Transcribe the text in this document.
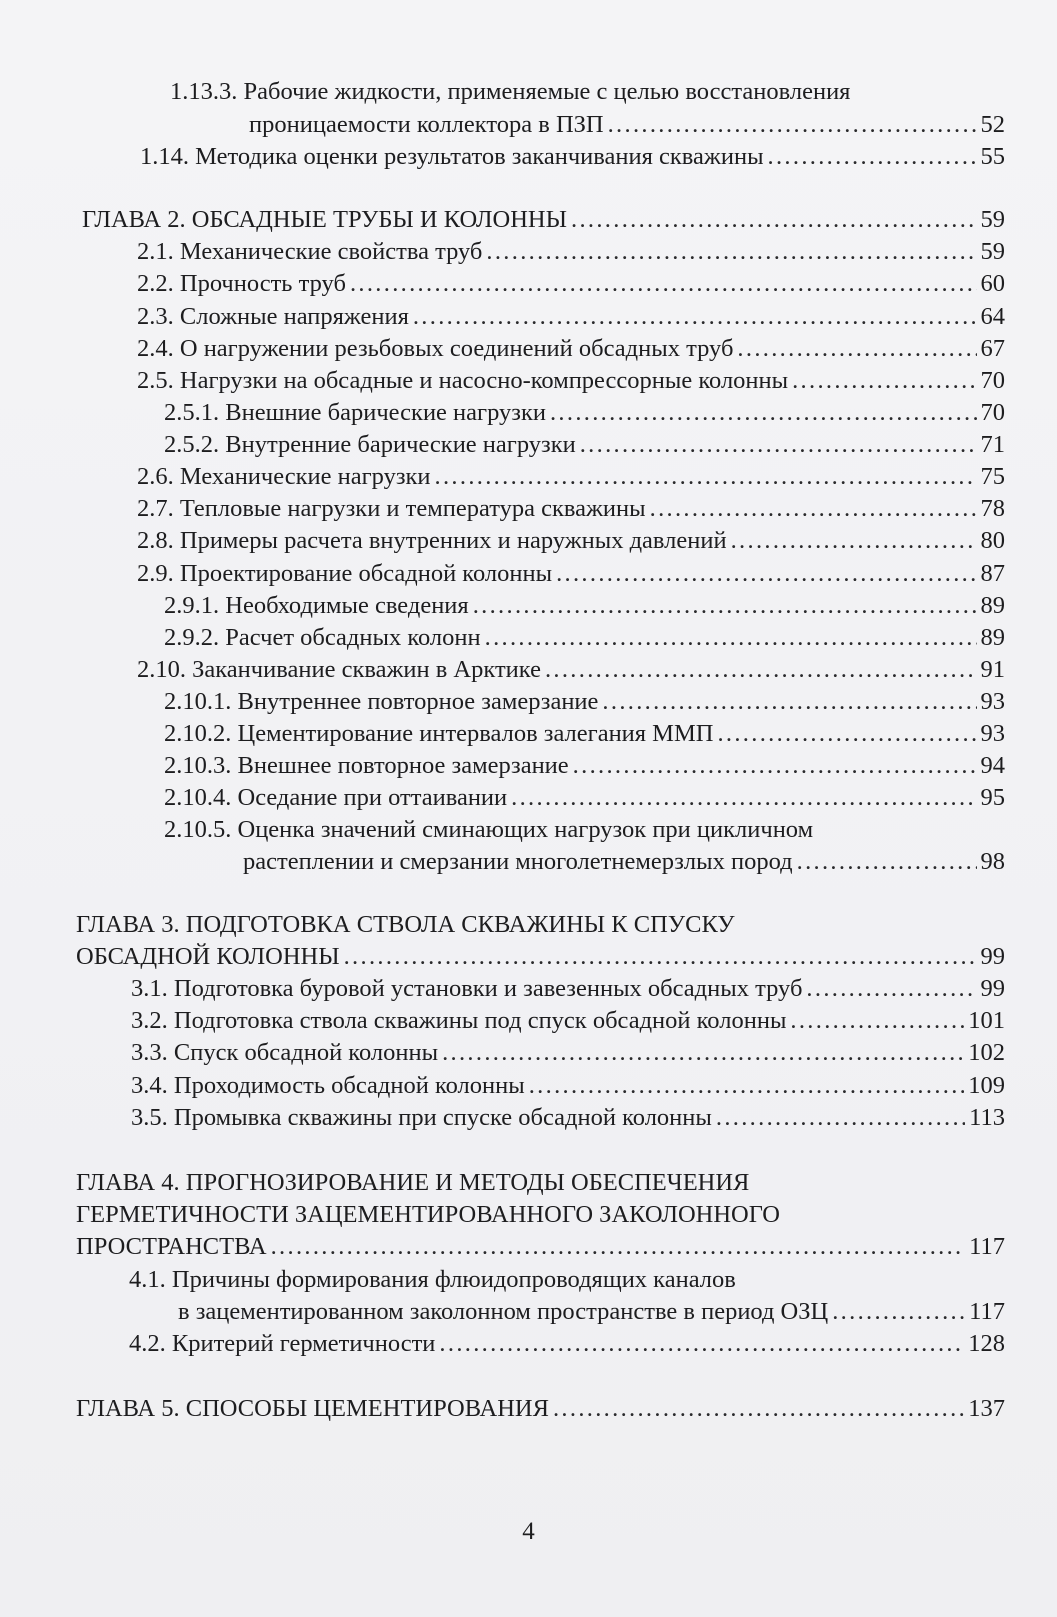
1.13.3. Рабочие жидкости, применяемые с целью восстановления
проницаемости коллектора в ПЗП . . .	52
1.14. Методика оценки результатов заканчивания скважины . . .	55
ГЛАВА 2. ОБСАДНЫЕ ТРУБЫ И КОЛОННЫ . . .	59
2.1. Механические свойства труб . . .	59
2.2. Прочность труб . . .	60
2.3. Сложные напряжения . . .	64
2.4. О нагружении резьбовых соединений обсадных труб . . .	67
2.5. Нагрузки на обсадные и насосно-компрессорные колонны . . .	70
2.5.1. Внешние барические нагрузки . . .	70
2.5.2. Внутренние барические нагрузки . . .	71
2.6. Механические нагрузки . . .	75
2.7. Тепловые нагрузки и температура скважины . . .	78
2.8. Примеры расчета внутренних и наружных давлений . . .	80
2.9. Проектирование обсадной колонны . . .	87
2.9.1. Необходимые сведения . . .	89
2.9.2. Расчет обсадных колонн . . .	89
2.10. Заканчивание скважин в Арктике . . .	91
2.10.1. Внутреннее повторное замерзание . . .	93
2.10.2. Цементирование интервалов залегания ММП . . .	93
2.10.3. Внешнее повторное замерзание . . .	94
2.10.4. Оседание при оттаивании . . .	95
2.10.5. Оценка значений сминающих нагрузок при цикличном
растеплении и смерзании многолетнемерзлых пород . . .	98
ГЛАВА 3. ПОДГОТОВКА СТВОЛА СКВАЖИНЫ К СПУСКУ
ОБСАДНОЙ КОЛОННЫ . . .	99
3.1. Подготовка буровой установки и завезенных обсадных труб . . .	99
3.2. Подготовка ствола скважины под спуск обсадной колонны . . .	101
3.3. Спуск обсадной колонны . . .	102
3.4. Проходимость обсадной колонны . . .	109
3.5. Промывка скважины при спуске обсадной колонны . . .	113
ГЛАВА 4. ПРОГНОЗИРОВАНИЕ И МЕТОДЫ ОБЕСПЕЧЕНИЯ
ГЕРМЕТИЧНОСТИ ЗАЦЕМЕНТИРОВАННОГО ЗАКОЛОННОГО
ПРОСТРАНСТВА . . .	117
4.1. Причины формирования флюидопроводящих каналов
в зацементированном заколонном пространстве в период ОЗЦ . . .	117
4.2. Критерий герметичности . . .	128
ГЛАВА 5. СПОСОБЫ ЦЕМЕНТИРОВАНИЯ . . .	137
4
